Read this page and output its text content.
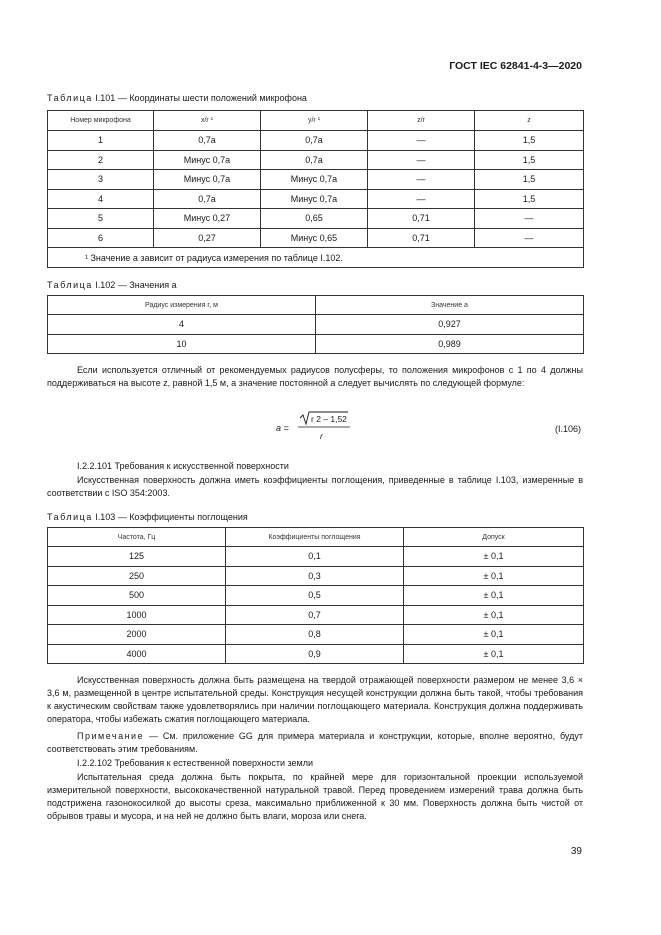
ГОСТ IEC 62841-4-3—2020
Таблица I.101 — Координаты шести положений микрофона
Номер микрофона	x/r ¹	y/r ¹	z/r	z
1	0,7a	0,7a	—	1,5
2	Минус 0,7a	0,7a	—	1,5
3	Минус 0,7a	Минус 0,7a	—	1,5
4	0,7a	Минус 0,7a	—	1,5
5	Минус 0,27	0,65	0,71	—
6	0,27	Минус 0,65	0,71	—
¹ Значение a зависит от радиуса измерения по таблице I.102.				
Таблица I.102 — Значения a
Радиус измерения r, м	Значение a
4	0,927
10	0,989
Если используется отличный от рекомендуемых радиусов полусферы, то положения микрофонов с 1 по 4 должны поддерживаться на высоте z, равной 1,5 м, а значение постоянной a следует вычислять по следующей формуле:
a =
r 2 – 1,52
r
(I.106)
I.2.2.101 Требования к искусственной поверхности
Искусственная поверхность должна иметь коэффициенты поглощения, приведенные в таблице I.103, измеренные в соответствии с ISO 354:2003.
Таблица I.103 — Коэффициенты поглощения
Частота, Гц	Коэффициенты поглощения	Допуск
125	0,1	± 0,1
250	0,3	± 0,1
500	0,5	± 0,1
1000	0,7	± 0,1
2000	0,8	± 0,1
4000	0,9	± 0,1
Искусственная поверхность должна быть размещена на твердой отражающей поверхности размером не менее 3,6 × 3,6 м, размещенной в центре испытательной среды. Конструкция несущей конструкции должна быть такой, чтобы требования к акустическим свойствам также удовлетворялись при наличии поглощающего материала. Конструкция должна поддерживать оператора, чтобы избежать сжатия поглощающего материала.
Примечание — См. приложение GG для примера материала и конструкции, которые, вполне вероятно, будут соответствовать этим требованиям.
I.2.2.102 Требования к естественной поверхности земли
Испытательная среда должна быть покрыта, по крайней мере для горизонтальной проекции используемой измерительной поверхности, высококачественной натуральной травой. Перед проведением измерений трава должна быть подстрижена газонокосилкой до высоты среза, максимально приближенной к 30 мм. Поверхность должна быть чистой от обрывов травы и мусора, и на ней не должно быть влаги, мороза или снега.
39
